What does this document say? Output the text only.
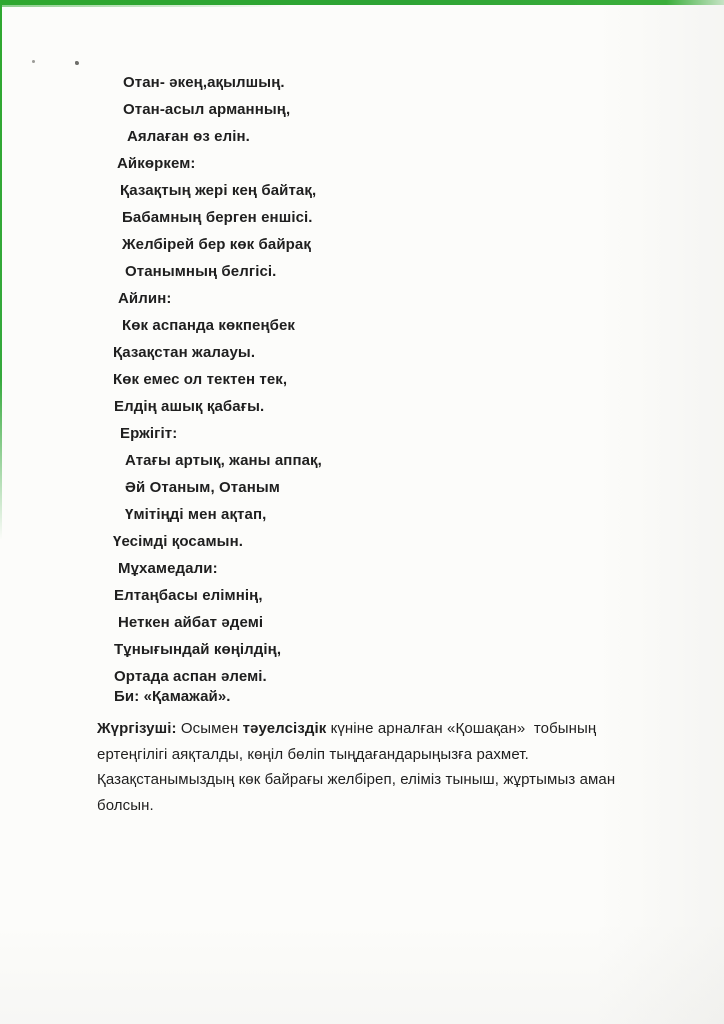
Отан- әкең,ақылшың.
Отан-асыл арманның,
Аялаған өз елін.
Айкөркем:
Қазақтың жері кең байтақ,
Бабамның берген еншісі.
Желбірей бер көк байрақ
Отанымның белгісі.
Айлин:
Көк аспанда көкпеңбек
Қазақстан жалауы.
Көк емес ол тектен тек,
Елдің ашық қабағы.
Ержігіт:
Атағы артық, жаны аппақ,
Әй Отаным, Отаным
Үмітіңді мен ақтап,
Үесімді қосамын.
Мұхамедали:
Елтаңбасы елімнің,
Неткен айбат әдемі
Тұнығындай көңілдің,
Ортада аспан әлемі.
Би: «Қамажай».

Жүргізуші: Осымен тәуелсіздік күніне арналған «Қошақан»  тобының ертеңгілігі аяқталды, көңіл бөліп тыңдағандарыңызға рахмет. Қазақстанымыздың көк байрағы желбіреп, еліміз тыныш, жұртымыз аман болсын.
